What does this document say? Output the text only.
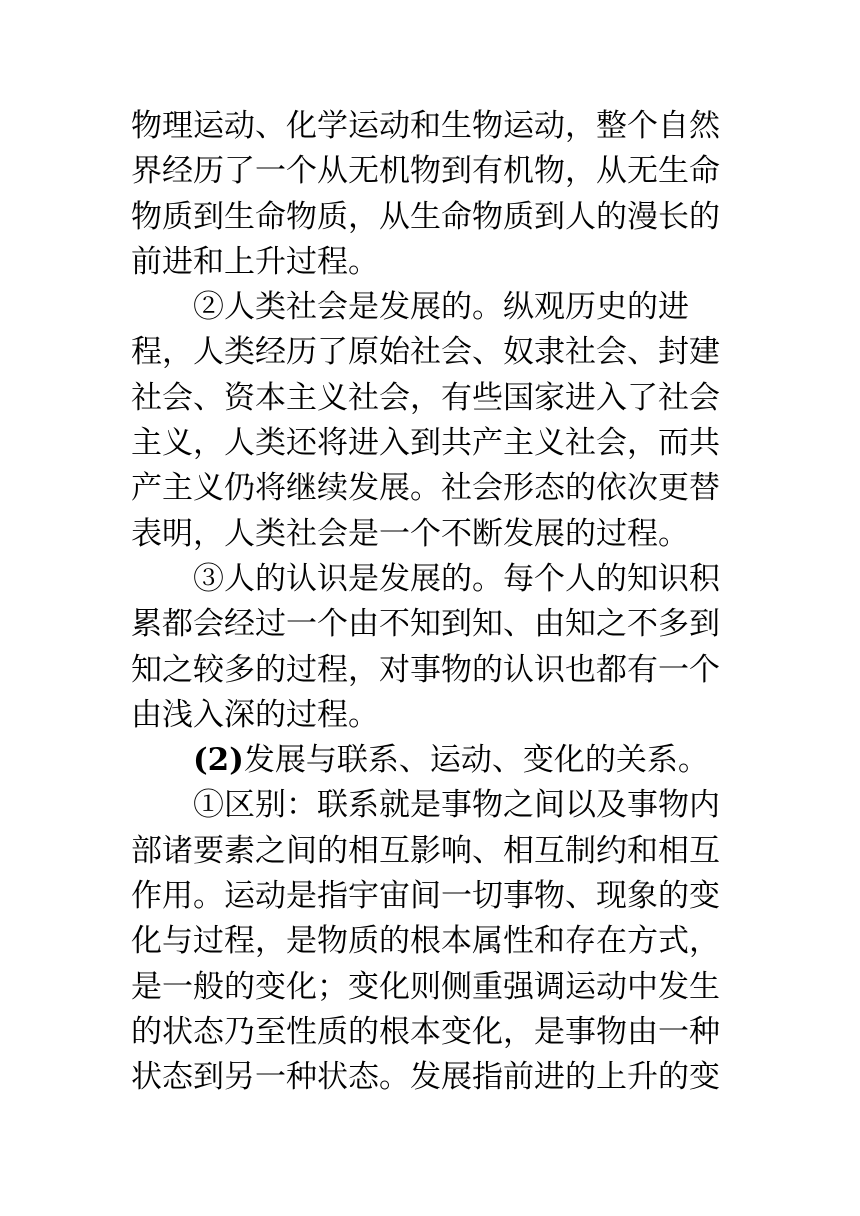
物理运动、化学运动和生物运动，整个自然
界经历了一个从无机物到有机物，从无生命
物质到生命物质，从生命物质到人的漫长的
前进和上升过程。
②人类社会是发展的。纵观历史的进
程，人类经历了原始社会、奴隶社会、封建
社会、资本主义社会，有些国家进入了社会
主义，人类还将进入到共产主义社会，而共
产主义仍将继续发展。社会形态的依次更替
表明，人类社会是一个不断发展的过程。
③人的认识是发展的。每个人的知识积
累都会经过一个由不知到知、由知之不多到
知之较多的过程，对事物的认识也都有一个
由浅入深的过程。
(2)发展与联系、运动、变化的关系。
①区别：联系就是事物之间以及事物内
部诸要素之间的相互影响、相互制约和相互
作用。运动是指宇宙间一切事物、现象的变
化与过程，是物质的根本属性和存在方式，
是一般的变化；变化则侧重强调运动中发生
的状态乃至性质的根本变化，是事物由一种
状态到另一种状态。发展指前进的上升的变
